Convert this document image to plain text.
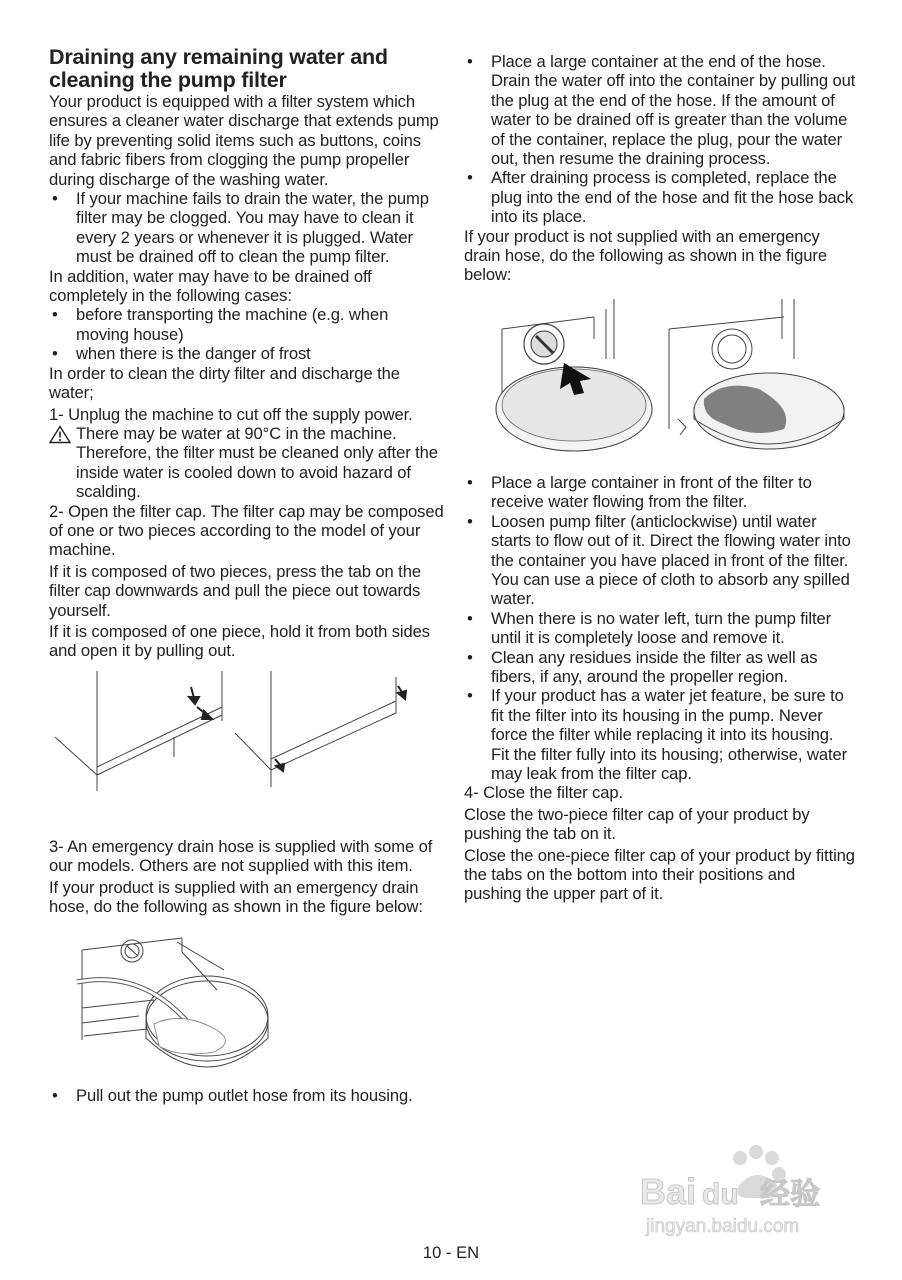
Draining any remaining water and cleaning the pump filter

Your product is equipped with a filter system which ensures a cleaner water discharge that extends pump life by preventing solid items such as buttons, coins and fabric fibers from clogging the pump propeller during discharge of the washing water.

• If your machine fails to drain the water, the pump filter may be clogged. You may have to clean it every 2 years or whenever it is plugged. Water must be drained off to clean the pump filter.

In addition, water may have to be drained off completely in the following cases:

• before transporting the machine (e.g. when moving house)
• when there is the danger of frost

In order to clean the dirty filter and discharge the water;

1- Unplug the machine to cut off the supply power.

There may be water at 90°C in the machine. Therefore, the filter must be cleaned only after the inside water is cooled down to avoid hazard of scalding.

2- Open the filter cap. The filter cap may be composed of one or two pieces according to the model of your machine.

If it is composed of two pieces, press the tab on the filter cap downwards and pull the piece out towards yourself.

If it is composed of one piece, hold it from both sides and open it by pulling out.

3- An emergency drain hose is supplied with some of our models. Others are not supplied with this item.

If your product is supplied with an emergency drain hose, do the following as shown in the figure below:

• Pull out the pump outlet hose from its housing.
• Place a large container at the end of the hose. Drain the water off into the container by pulling out the plug at the end of the hose. If the amount of water to be drained off is greater than the volume of the container, replace the plug, pour the water out, then resume the draining process.
• After draining process is completed, replace the plug into the end of the hose and fit the hose back into its place.

If your product is not supplied with an emergency drain hose, do the following as shown in the figure below:

• Place a large container in front of the filter to receive water flowing from the filter.
• Loosen pump filter (anticlockwise) until water starts to flow out of it. Direct the flowing water into the container you have placed in front of the filter. You can use a piece of cloth to absorb any spilled water.
• When there is no water left, turn the pump filter until it is completely loose and remove it.
• Clean any residues inside the filter as well as fibers, if any, around the propeller region.
• If your product has a water jet feature, be sure to fit the filter into its housing in the pump. Never force the filter while replacing it into its housing. Fit the filter fully into its housing; otherwise, water may leak from the filter cap.

4- Close the filter cap.

Close the two-piece filter cap of your product by pushing the tab on it.

Close the one-piece filter cap of your product by fitting the tabs on the bottom into their positions and pushing the upper part of it.

Bai du 经验
jingyan.baidu.com
10 - EN
